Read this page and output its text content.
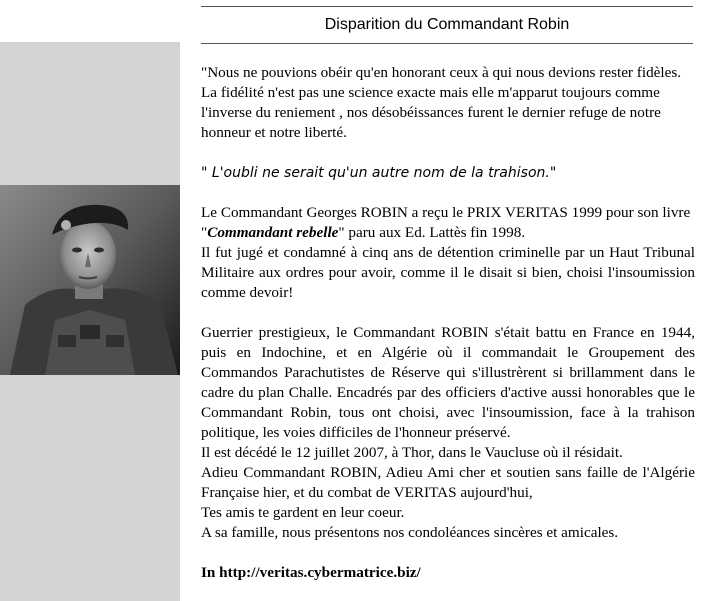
Disparition du Commandant Robin

"Nous ne pouvions obéir qu'en honorant ceux à qui nous devions rester fidèles.

La fidélité n'est pas une science exacte mais elle m'apparut toujours comme l'inverse du reniement , nos désobéissances furent le dernier refuge de notre honneur et notre liberté.

" L'oubli ne serait qu'un autre nom de la trahison."

Le Commandant Georges ROBIN a reçu le PRIX VERITAS 1999 pour son livre "Commandant rebelle" paru aux Ed. Lattès fin 1998.

Il fut jugé et condamné à cinq ans de détention criminelle par un Haut Tribunal Militaire aux ordres pour avoir, comme il le disait si bien, choisi l'insoumission comme devoir!

Guerrier prestigieux, le Commandant ROBIN s'était battu en France en 1944, puis en Indochine, et en Algérie où il commandait le Groupement des Commandos Parachutistes de Réserve qui s'illustrèrent si brillamment dans le cadre du plan Challe. Encadrés par des officiers d'active aussi honorables que le Commandant Robin, tous ont choisi, avec l'insoumission, face à la trahison politique, les voies difficiles de l'honneur préservé.

Il est décédé le 12 juillet 2007, à Thor, dans le Vaucluse où il résidait.

Adieu Commandant ROBIN, Adieu Ami cher et soutien sans faille de l'Algérie Française hier, et du combat de VERITAS aujourd'hui,

Tes amis te gardent en leur coeur.

A sa famille, nous présentons nos condoléances sincères et amicales.

In http://veritas.cybermatrice.biz/
